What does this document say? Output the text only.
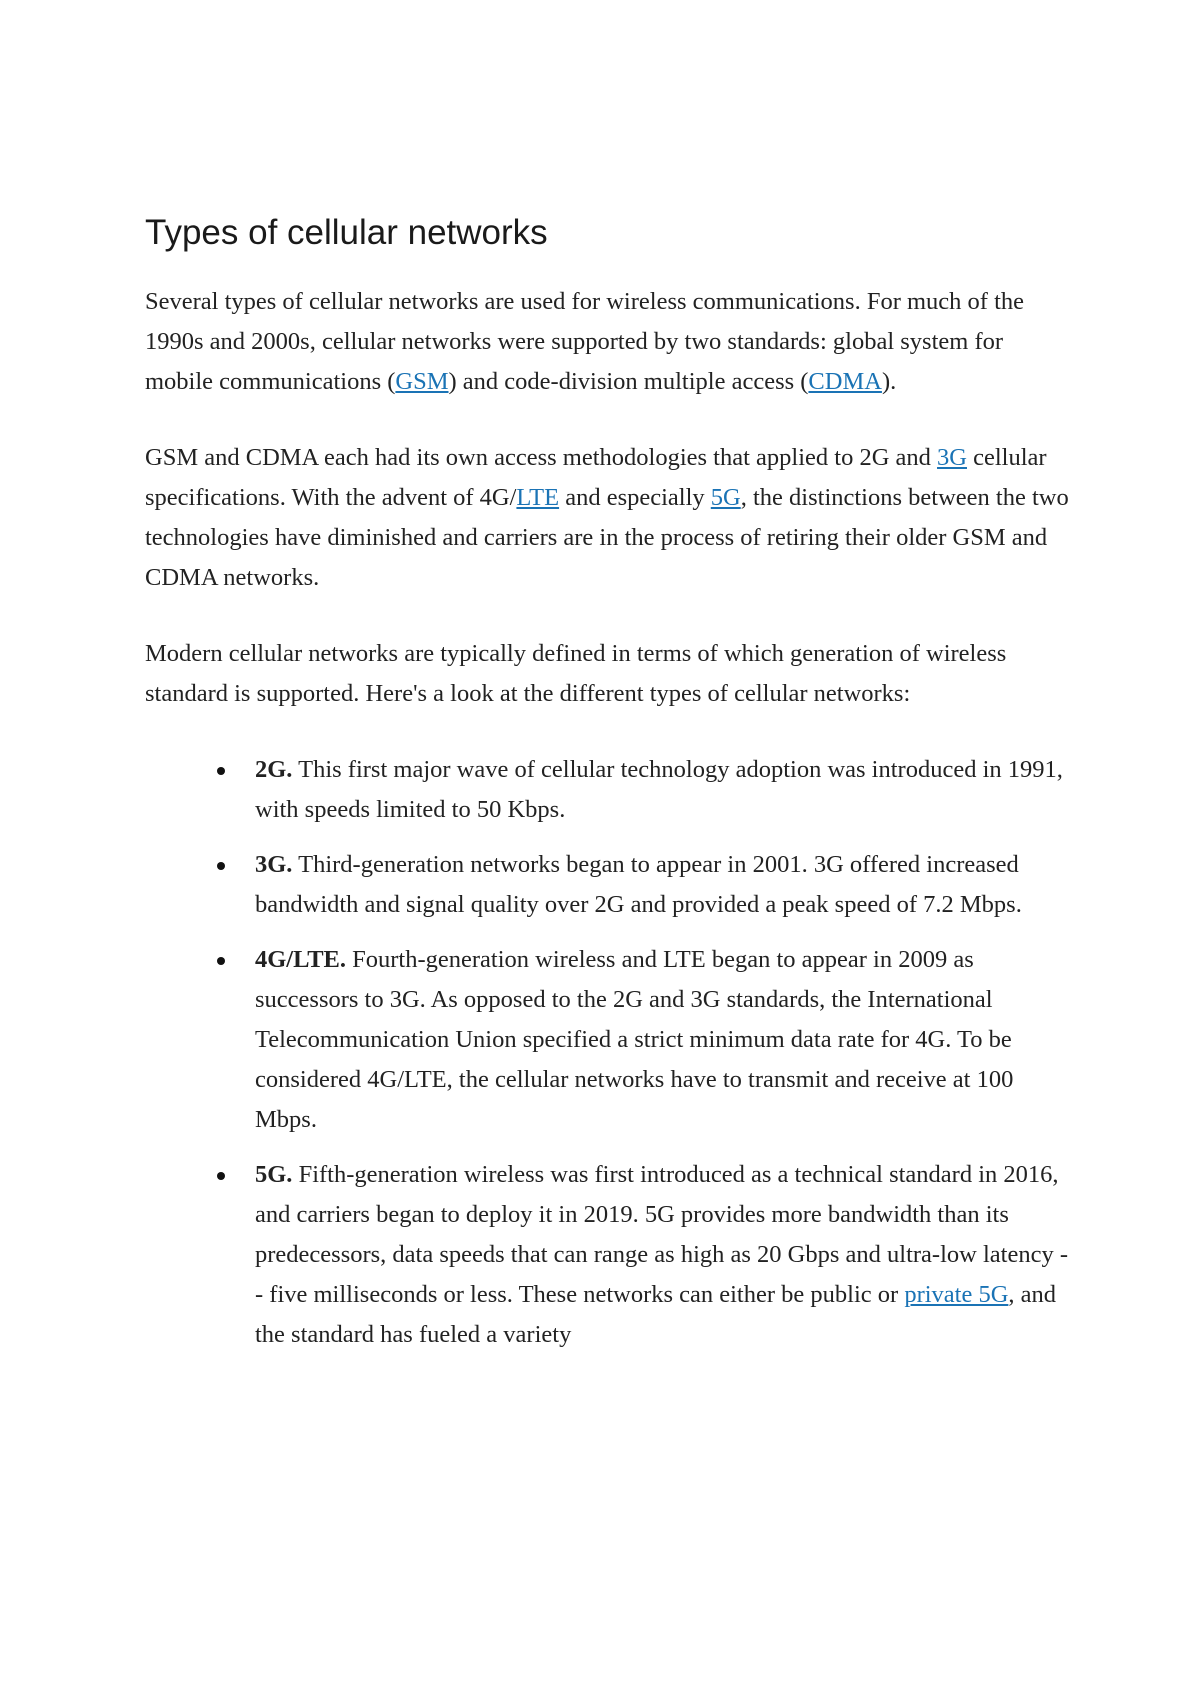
Types of cellular networks

Several types of cellular networks are used for wireless communications. For much of the 1990s and 2000s, cellular networks were supported by two standards: global system for mobile communications (GSM) and code-division multiple access (CDMA).

GSM and CDMA each had its own access methodologies that applied to 2G and 3G cellular specifications. With the advent of 4G/LTE and especially 5G, the distinctions between the two technologies have diminished and carriers are in the process of retiring their older GSM and CDMA networks.

Modern cellular networks are typically defined in terms of which generation of wireless standard is supported. Here's a look at the different types of cellular networks:

2G. This first major wave of cellular technology adoption was introduced in 1991, with speeds limited to 50 Kbps.
3G. Third-generation networks began to appear in 2001. 3G offered increased bandwidth and signal quality over 2G and provided a peak speed of 7.2 Mbps.
4G/LTE. Fourth-generation wireless and LTE began to appear in 2009 as successors to 3G. As opposed to the 2G and 3G standards, the International Telecommunication Union specified a strict minimum data rate for 4G. To be considered 4G/LTE, the cellular networks have to transmit and receive at 100 Mbps.
5G. Fifth-generation wireless was first introduced as a technical standard in 2016, and carriers began to deploy it in 2019. 5G provides more bandwidth than its predecessors, data speeds that can range as high as 20 Gbps and ultra-low latency -- five milliseconds or less. These networks can either be public or private 5G, and the standard has fueled a variety
